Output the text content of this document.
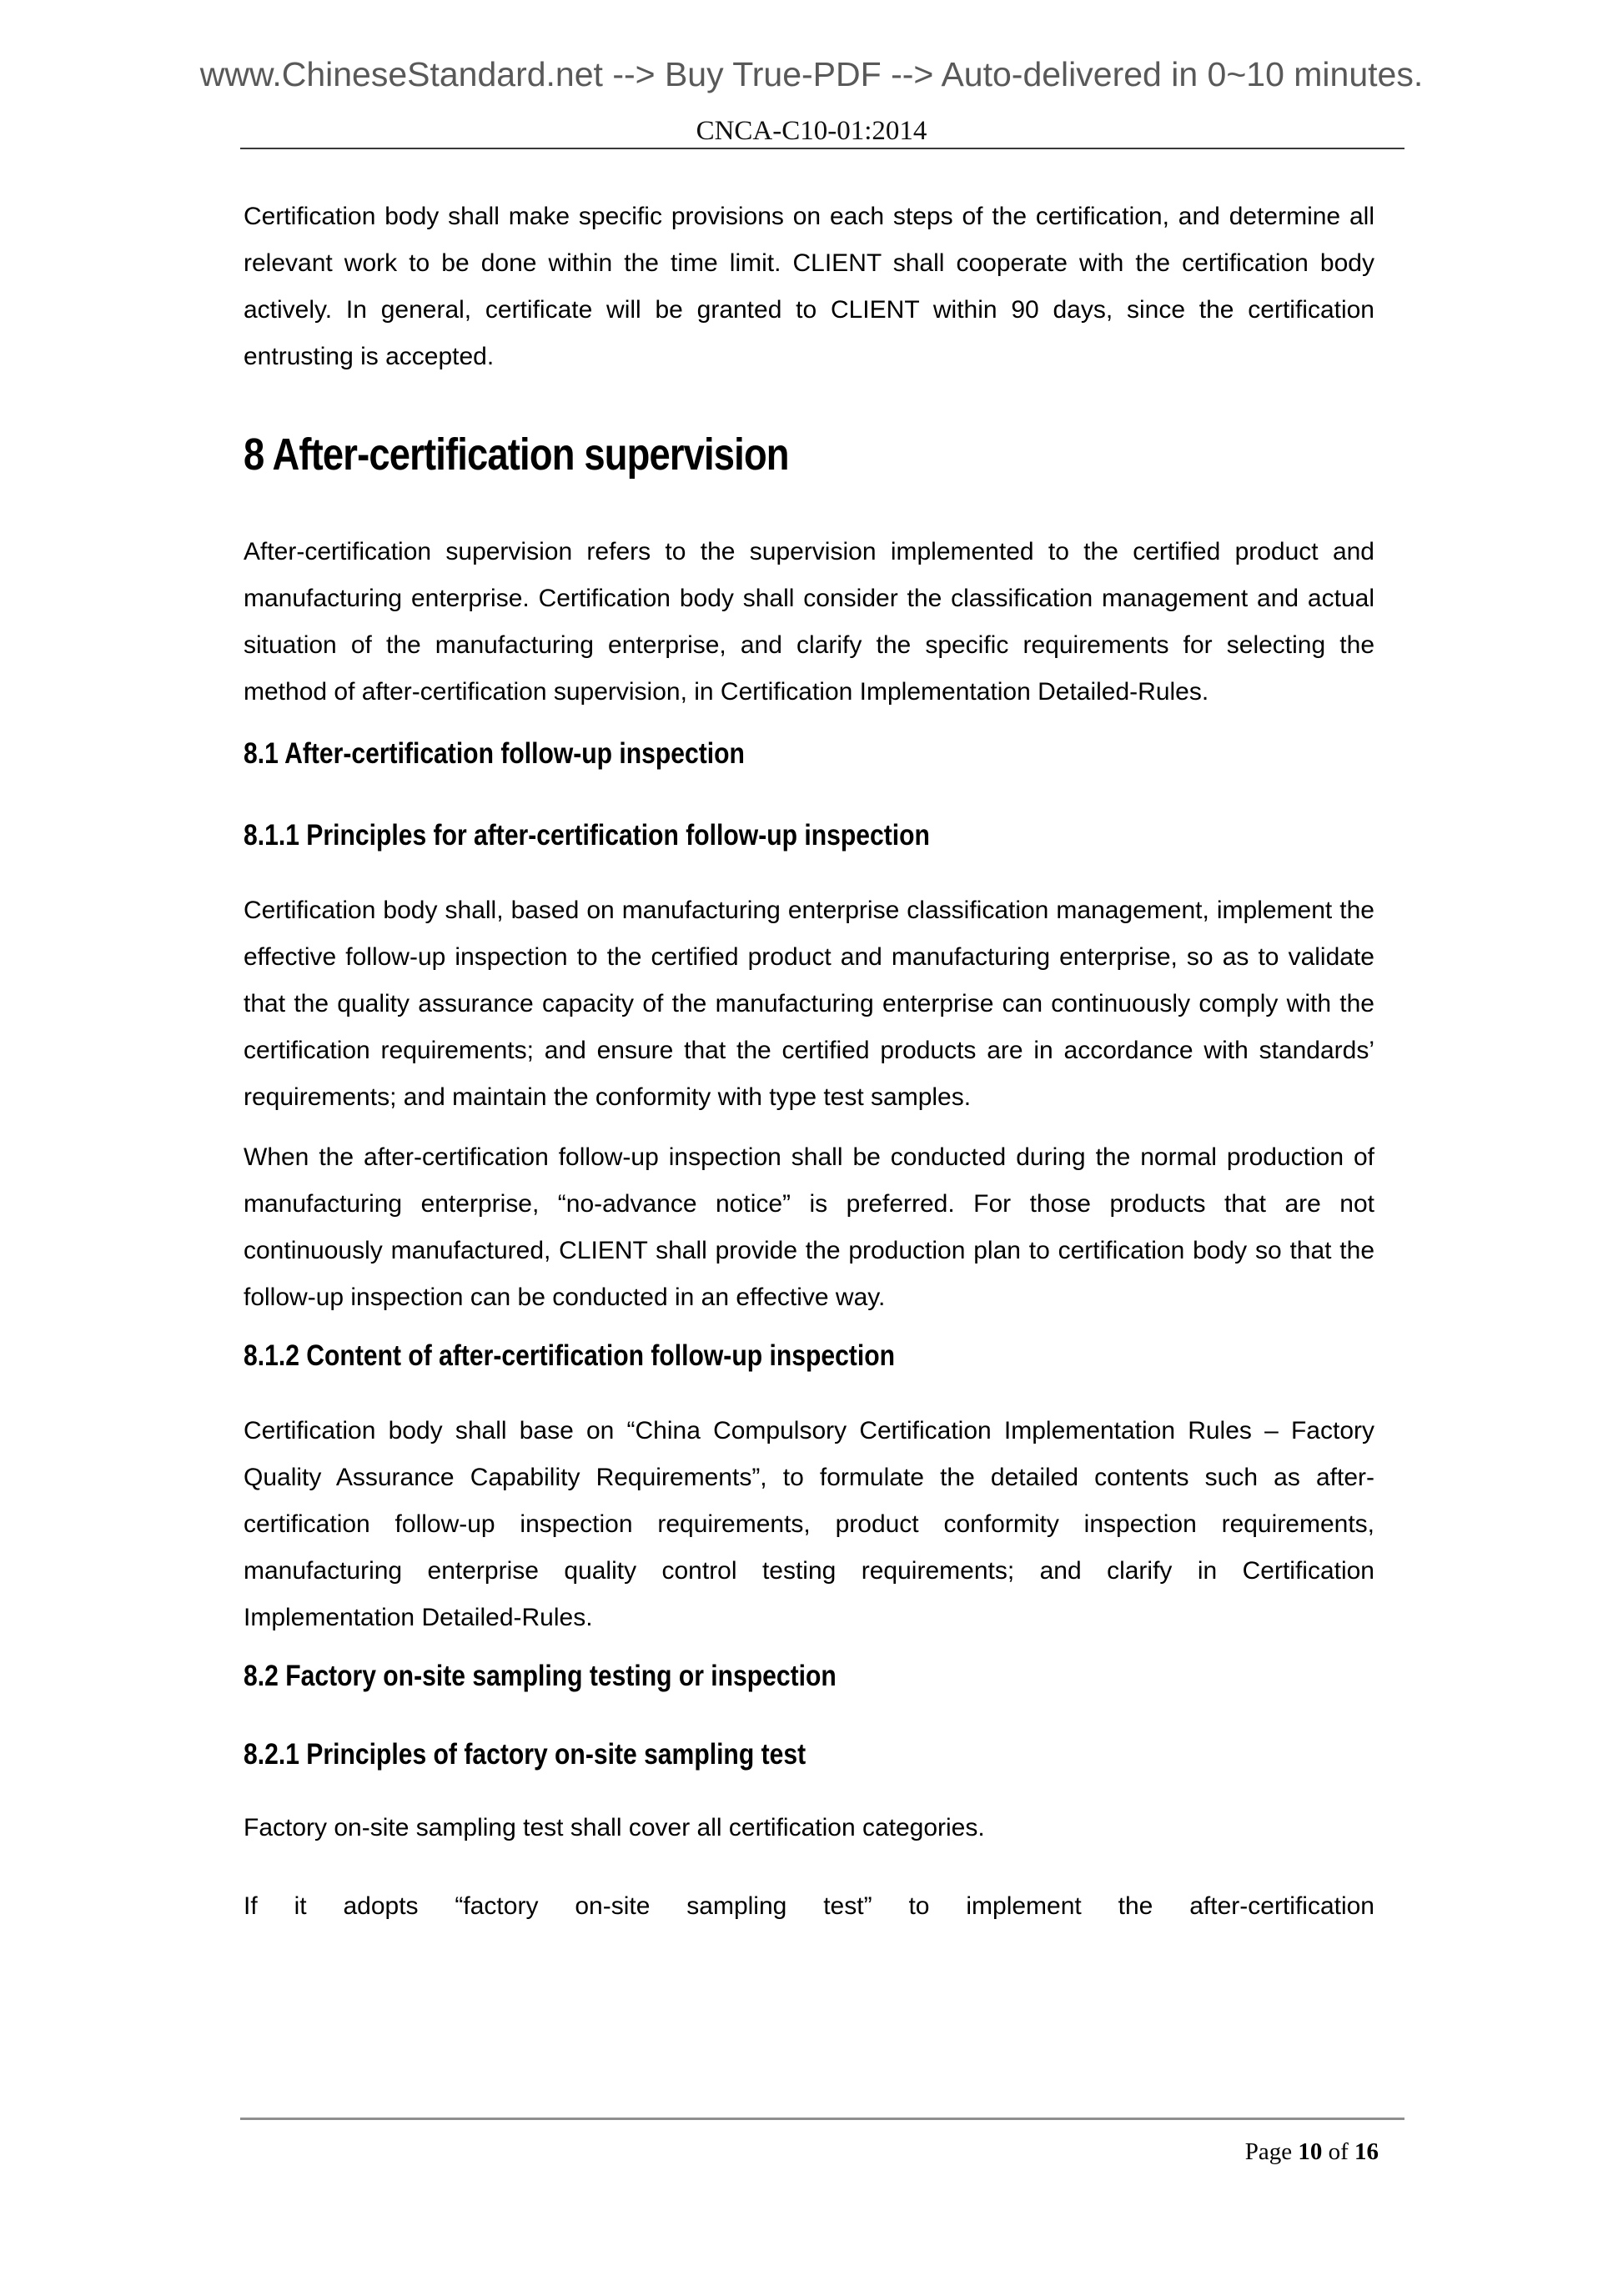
www.ChineseStandard.net --> Buy True-PDF --> Auto-delivered in 0~10 minutes.
CNCA-C10-01:2014

Certification body shall make specific provisions on each steps of the certification, and determine all relevant work to be done within the time limit. CLIENT shall cooperate with the certification body actively. In general, certificate will be granted to CLIENT within 90 days, since the certification entrusting is accepted.

8 After-certification supervision

After-certification supervision refers to the supervision implemented to the certified product and manufacturing enterprise. Certification body shall consider the classification management and actual situation of the manufacturing enterprise, and clarify the specific requirements for selecting the method of after-certification supervision, in Certification Implementation Detailed-Rules.

8.1 After-certification follow-up inspection
8.1.1 Principles for after-certification follow-up inspection

Certification body shall, based on manufacturing enterprise classification management, implement the effective follow-up inspection to the certified product and manufacturing enterprise, so as to validate that the quality assurance capacity of the manufacturing enterprise can continuously comply with the certification requirements; and ensure that the certified products are in accordance with standards’ requirements; and maintain the conformity with type test samples.

When the after-certification follow-up inspection shall be conducted during the normal production of manufacturing enterprise, “no-advance notice” is preferred. For those products that are not continuously manufactured, CLIENT shall provide the production plan to certification body so that the follow-up inspection can be conducted in an effective way.

8.1.2 Content of after-certification follow-up inspection

Certification body shall base on “China Compulsory Certification Implementation Rules – Factory Quality Assurance Capability Requirements”, to formulate the detailed contents such as after-certification follow-up inspection requirements, product conformity inspection requirements, manufacturing enterprise quality control testing requirements; and clarify in Certification Implementation Detailed-Rules.

8.2 Factory on-site sampling testing or inspection
8.2.1 Principles of factory on-site sampling test

Factory on-site sampling test shall cover all certification categories.

If it adopts “factory on-site sampling test” to implement the after-certification

Page 10 of 16
